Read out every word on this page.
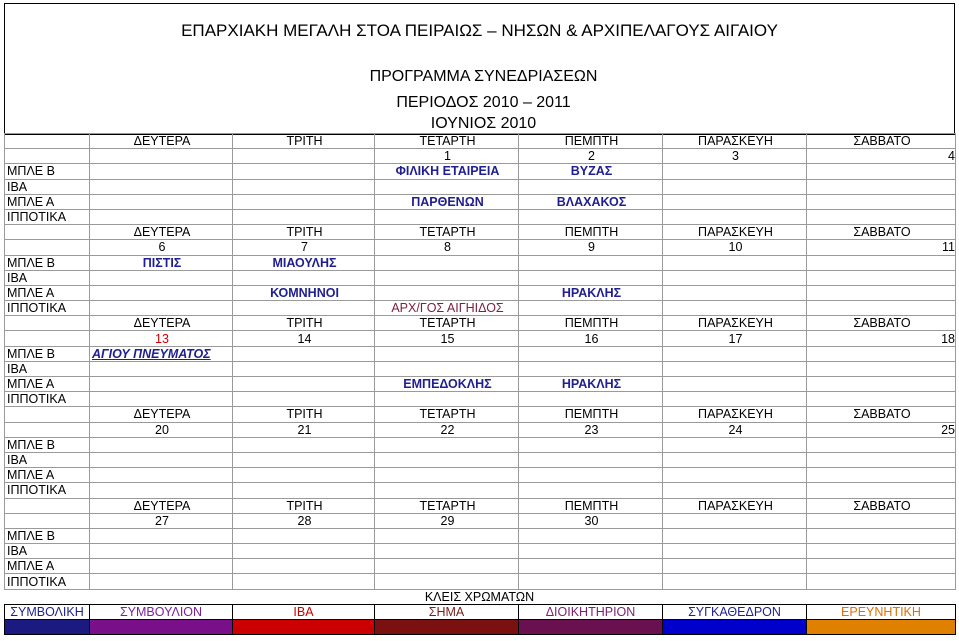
ΕΠΑΡΧΙΑΚΗ ΜΕΓΑΛΗ ΣΤΟΑ ΠΕΙΡΑΙΩΣ – ΝΗΣΩΝ & ΑΡΧΙΠΕΛΑΓΟΥΣ ΑΙΓΑΙΟΥ
ΠΡΟΓΡΑΜΜΑ ΣΥΝΕΔΡΙΑΣΕΩΝ
ΠΕΡΙΟΔΟΣ 2010 – 2011
ΙΟΥΝΙΟΣ 2010
	ΔΕΥΤΕΡΑ	ΤΡΙΤΗ	ΤΕΤΑΡΤΗ	ΠΕΜΠΤΗ	ΠΑΡΑΣΚΕΥΗ	ΣΑΒΒΑΤΟ
			1	2	3	4
ΜΠΛΕ Β			ΦΙΛΙΚΗ ΕΤΑΙΡΕΙΑ	ΒΥΖΑΣ		
ΙΒΑ						
ΜΠΛΕ Α			ΠΑΡΘΕΝΩΝ	ΒΛΑΧΑΚΟΣ		
ΙΠΠΟΤΙΚΑ						
	ΔΕΥΤΕΡΑ	ΤΡΙΤΗ	ΤΕΤΑΡΤΗ	ΠΕΜΠΤΗ	ΠΑΡΑΣΚΕΥΗ	ΣΑΒΒΑΤΟ
	6	7	8	9	10	11
ΜΠΛΕ Β	ΠΙΣΤΙΣ	ΜΙΑΟΥΛΗΣ				
ΙΒΑ						
ΜΠΛΕ Α		ΚΟΜΝΗΝΟΙ		ΗΡΑΚΛΗΣ		
ΙΠΠΟΤΙΚΑ			ΑΡΧ/ΓΟΣ ΑΙΓΗΙΔΟΣ			
	ΔΕΥΤΕΡΑ	ΤΡΙΤΗ	ΤΕΤΑΡΤΗ	ΠΕΜΠΤΗ	ΠΑΡΑΣΚΕΥΗ	ΣΑΒΒΑΤΟ
	13	14	15	16	17	18
ΜΠΛΕ Β	ΑΓΙΟΥ ΠΝΕΥΜΑΤΟΣ					
ΙΒΑ						
ΜΠΛΕ Α			ΕΜΠΕΔΟΚΛΗΣ	ΗΡΑΚΛΗΣ		
ΙΠΠΟΤΙΚΑ						
	ΔΕΥΤΕΡΑ	ΤΡΙΤΗ	ΤΕΤΑΡΤΗ	ΠΕΜΠΤΗ	ΠΑΡΑΣΚΕΥΗ	ΣΑΒΒΑΤΟ
	20	21	22	23	24	25
ΜΠΛΕ Β						
ΙΒΑ						
ΜΠΛΕ Α						
ΙΠΠΟΤΙΚΑ						
	ΔΕΥΤΕΡΑ	ΤΡΙΤΗ	ΤΕΤΑΡΤΗ	ΠΕΜΠΤΗ	ΠΑΡΑΣΚΕΥΗ	ΣΑΒΒΑΤΟ
	27	28	29	30		
ΜΠΛΕ Β						
ΙΒΑ						
ΜΠΛΕ Α						
ΙΠΠΟΤΙΚΑ						
ΚΛΕΙΣ ΧΡΩΜΑΤΩΝ
ΣΥΜΒΟΛΙΚΗ	ΣΥΜΒΟΥΛΙΟΝ	ΙΒΑ	ΣΗΜΑ	ΔΙΟΙΚΗΤΗΡΙΟΝ	ΣΥΓΚΑΘΕΔΡΟΝ	ΕΡΕΥΝΗΤΙΚΗ
